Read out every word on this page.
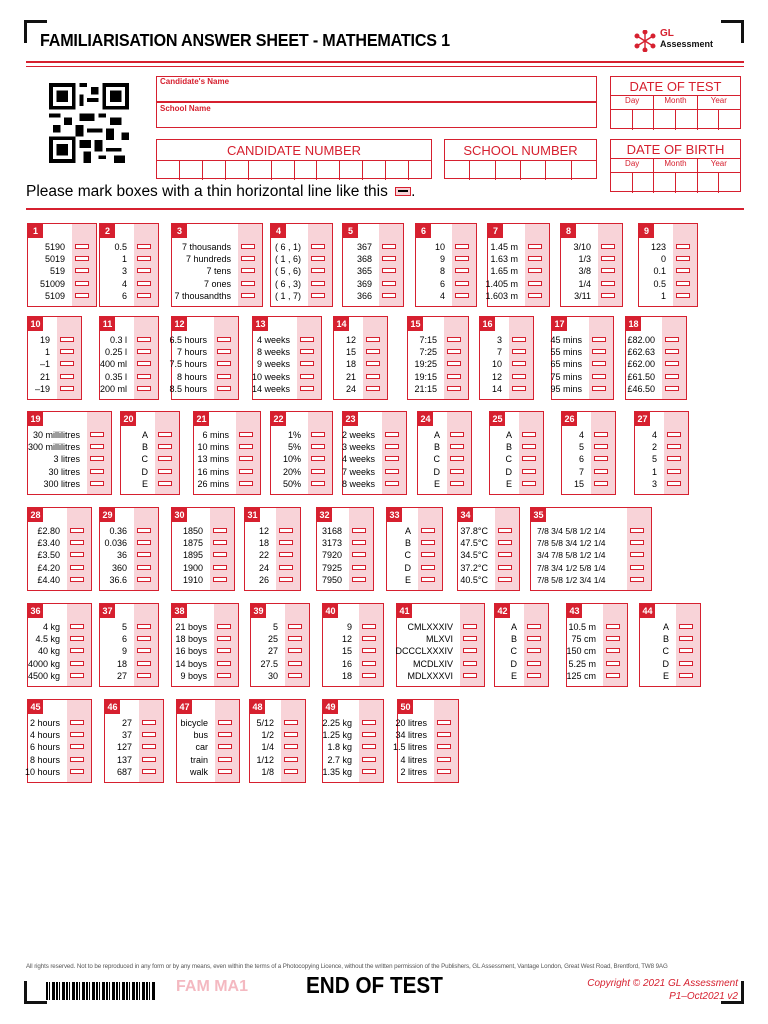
FAMILIARISATION ANSWER SHEET - MATHEMATICS 1	GL
Assessment
Candidate's Name
School Name
DATE OF TEST
Day	Month	Year
CANDIDATE NUMBER	SCHOOL NUMBER	DATE OF BIRTH
Day	Month	Year
Please mark boxes with a thin horizontal line like this .
1
5190
5019
519
51009
5109
2
0.5
1
3
4
6
3
7 thousands
7 hundreds
7 tens
7 ones
7 thousandths
4
( 6 , 1)
( 1 , 6)
( 5 , 6)
( 6 , 3)
( 1 , 7)
5
367
368
365
369
366
6
10
9
8
6
4
7
1.45 m
1.63 m
1.65 m
1.405 m
1.603 m
8
3/10
1/3
3/8
1/4
3/11
9
123
0
0.1
0.5
1
10
19
1
–1
21
–19
11
0.3 l
0.25 l
400 ml
0.35 l
200 ml
12
6.5 hours
7 hours
7.5 hours
8 hours
8.5 hours
13
4 weeks
8 weeks
9 weeks
10 weeks
14 weeks
14
12
15
18
21
24
15
7:15
7:25
19:25
19:15
21:15
16
3
7
10
12
14
17
45 mins
55 mins
65 mins
75 mins
95 mins
18
£82.00
£62.63
£62.00
£61.50
£46.50
19
30 millilitres
300 millilitres
3 litres
30 litres
300 litres
20
A
B
C
D
E
21
6 mins
10 mins
13 mins
16 mins
26 mins
22
1%
5%
10%
20%
50%
23
2 weeks
3 weeks
4 weeks
7 weeks
8 weeks
24
A
B
C
D
E
25
A
B
C
D
E
26
4
5
6
7
15
27
4
2
5
1
3
28
£2.80
£3.40
£3.50
£4.20
£4.40
29
0.36
0.036
36
360
36.6
30
1850
1875
1895
1900
1910
31
12
18
22
24
26
32
3168
3173
7920
7925
7950
33
A
B
C
D
E
34
37.8°C
47.5°C
34.5°C
37.2°C
40.5°C
35
7/8 3/4 5/8 1/2 1/4
7/8 5/8 3/4 1/2 1/4
3/4 7/8 5/8 1/2 1/4
7/8 3/4 1/2 5/8 1/4
7/8 5/8 1/2 3/4 1/4
36
4 kg
4.5 kg
40 kg
4000 kg
4500 kg
37
5
6
9
18
27
38
21 boys
18 boys
16 boys
14 boys
9 boys
39
5
25
27
27.5
30
40
9
12
15
16
18
41
CMLXXXIV
MLXVI
DCCCLXXXIV
MCDLXIV
MDLXXXVI
42
A
B
C
D
E
43
10.5 m
75 cm
150 cm
5.25 m
125 cm
44
A
B
C
D
E
45
2 hours
4 hours
6 hours
8 hours
10 hours
46
27
37
127
137
687
47
bicycle
bus
car
train
walk
48
5/12
1/2
1/4
1/12
1/8
49
2.25 kg
1.25 kg
1.8 kg
2.7 kg
1.35 kg
50
20 litres
34 litres
1.5 litres
4 litres
2 litres
All rights reserved. Not to be reproduced in any form or by any means, even within the terms of a Photocopying Licence, without the written permission of the Publishers, GL Assessment, Vantage London, Great West Road, Brentford, TW8 9AG
FAM MA1	END OF TEST	Copyright © 2021 GL Assessment
P1–Oct2021 v2
